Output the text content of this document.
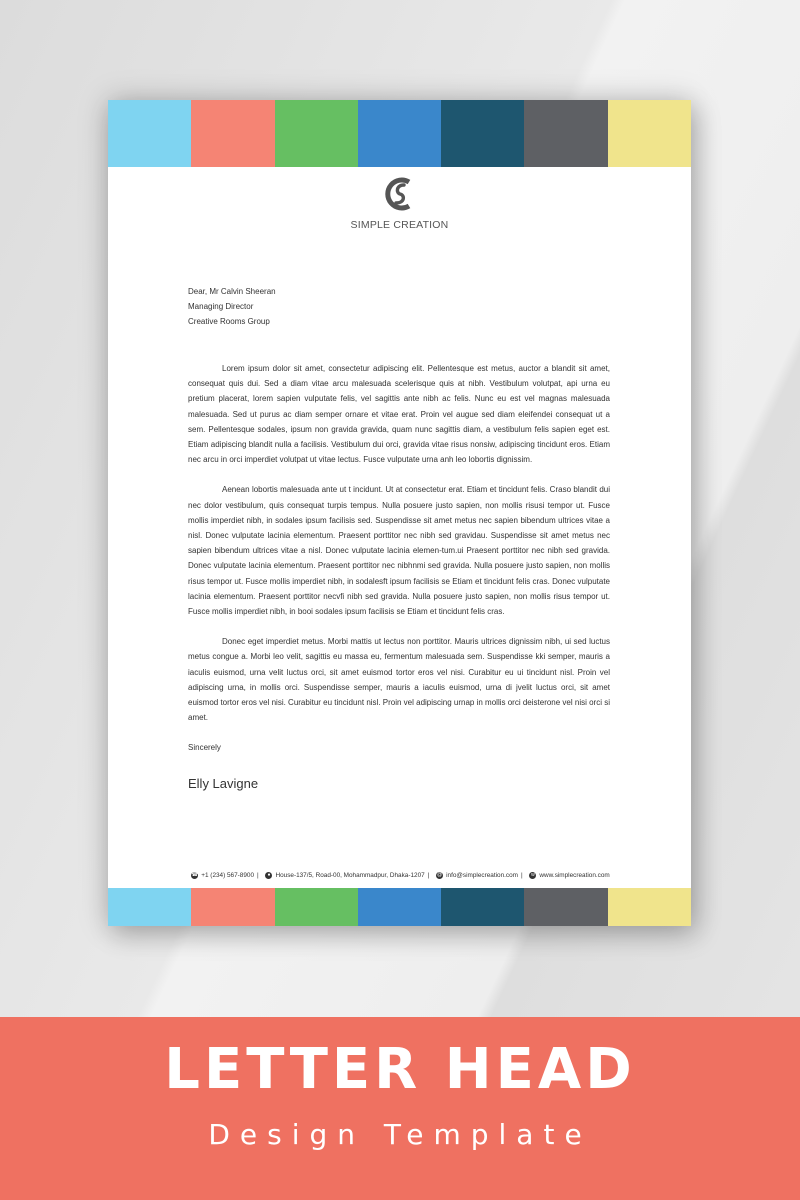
SIMPLE CREATION
Dear, Mr Calvin Sheeran
Managing Director
Creative Rooms Group

Lorem ipsum dolor sit amet, consectetur adipiscing elit. Pellentesque est metus, auctor a blandit sit amet, consequat quis dui. Sed a diam vitae arcu malesuada scelerisque quis at nibh. Vestibulum volutpat, api urna eu pretium placerat, lorem sapien vulputate felis, vel sagittis ante nibh ac felis. Nunc eu est vel magnas malesuada malesuada. Sed ut purus ac diam semper ornare et vitae erat. Proin vel augue sed diam eleifendei consequat ut a sem. Pellentesque sodales, ipsum non gravida gravida, quam nunc sagittis diam, a vestibulum felis sapien eget est. Etiam adipiscing blandit nulla a facilisis. Vestibulum dui orci, gravida vitae risus nonsiw, adipiscing tincidunt eros. Etiam nec arcu in orci imperdiet volutpat ut vitae lectus. Fusce vulputate urna anh leo lobortis dignissim.

Aenean lobortis malesuada ante ut t incidunt. Ut at consectetur erat. Etiam et tincidunt felis. Craso blandit dui nec dolor vestibulum, quis consequat turpis tempus. Nulla posuere justo sapien, non mollis risusi tempor ut. Fusce mollis imperdiet nibh, in sodales ipsum facilisis sed. Suspendisse sit amet metus nec sapien bibendum ultrices vitae a nisl. Donec vulputate lacinia elementum. Praesent porttitor nec nibh sed gravidau. Suspendisse sit amet metus nec sapien bibendum ultrices vitae a nisl. Donec vulputate lacinia elemen-tum.ui Praesent porttitor nec nibh sed gravida. Donec vulputate lacinia elementum. Praesent porttitor nec nibhnmi sed gravida. Nulla posuere justo sapien, non mollis risus tempor ut. Fusce mollis imperdiet nibh, in sodalesft ipsum facilisis se Etiam et tincidunt felis cras. Donec vulputate lacinia elementum. Praesent porttitor necvfi nibh sed gravida. Nulla posuere justo sapien, non mollis risus tempor ut. Fusce mollis imperdiet nibh, in booi sodales ipsum facilisis se Etiam et tincidunt felis cras.

Donec eget imperdiet metus. Morbi mattis ut lectus non porttitor. Mauris ultrices dignissim nibh, ui sed luctus metus congue a. Morbi leo velit, sagittis eu massa eu, fermentum malesuada sem. Suspendisse kki semper, mauris a iaculis euismod, urna velit luctus orci, sit amet euismod tortor eros vel nisi. Curabitur eu ui tincidunt nisl. Proin vel adipiscing urna, in mollis orci. Suspendisse semper, mauris a iaculis euismod, urna di jvelit luctus orci, sit amet euismod tortor eros vel nisi. Curabitur eu tincidunt nisl. Proin vel adipiscing urnap in mollis orci deisterone vel nisi orci si amet.

Sincerely
Elly Lavigne
☎ +1 (234) 567-8900 | ● House-137/5, Road-00, Mohammadpur, Dhaka-1207 | @ info@simplecreation.com | w www.simplecreation.com
LETTER HEAD
Design Template
